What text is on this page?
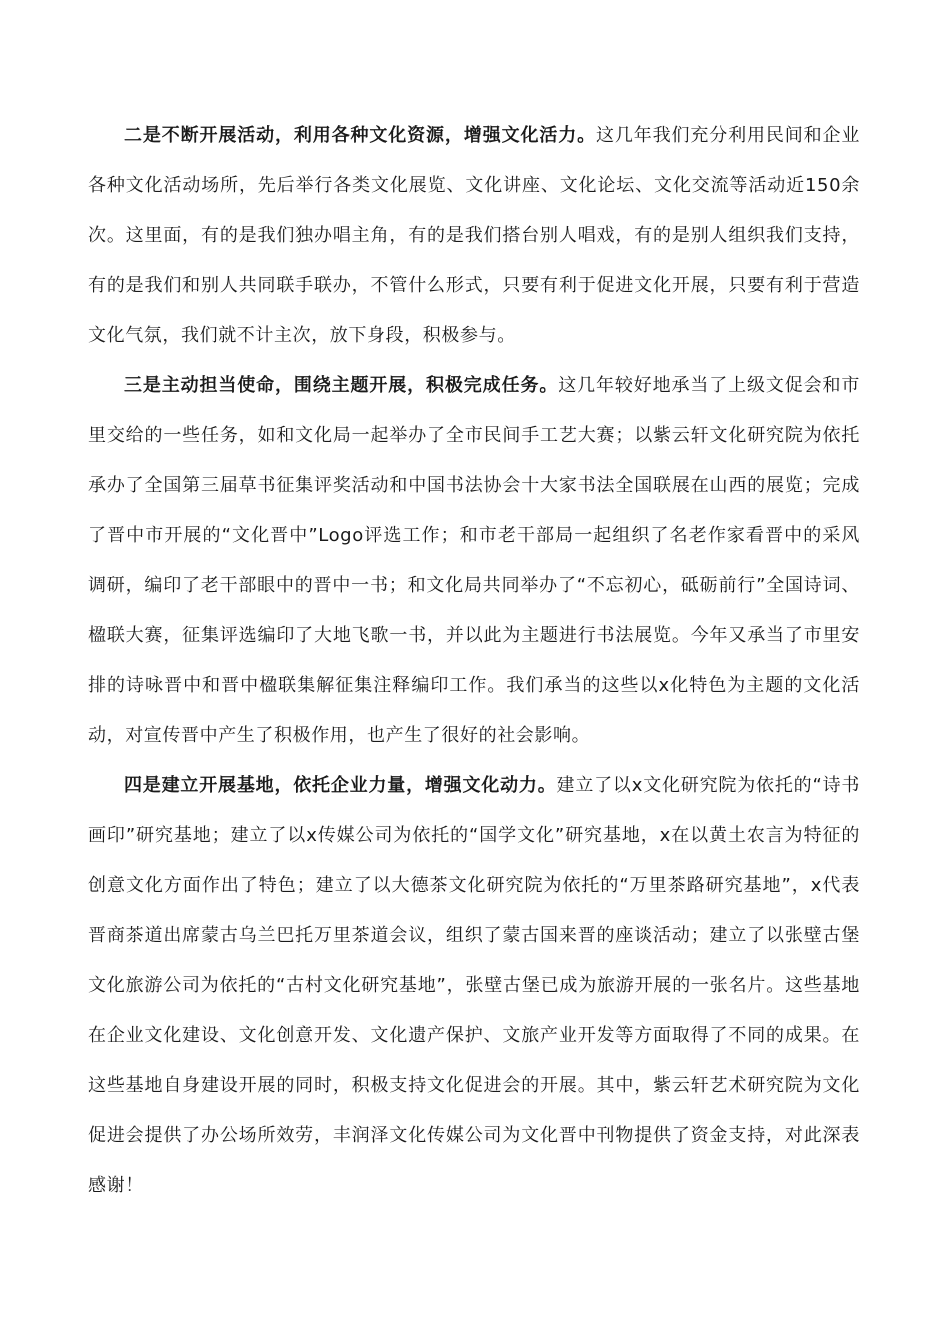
二是不断开展活动，利用各种文化资源，增强文化活力。这几年我们充分利用民间和企业各种文化活动场所，先后举行各类文化展览、文化讲座、文化论坛、文化交流等活动近150余次。这里面，有的是我们独办唱主角，有的是我们搭台别人唱戏，有的是别人组织我们支持，有的是我们和别人共同联手联办，不管什么形式，只要有利于促进文化开展，只要有利于营造文化气氛，我们就不计主次，放下身段，积极参与。

三是主动担当使命，围绕主题开展，积极完成任务。这几年较好地承当了上级文促会和市里交给的一些任务，如和文化局一起举办了全市民间手工艺大赛；以紫云轩文化研究院为依托承办了全国第三届草书征集评奖活动和中国书法协会十大家书法全国联展在山西的展览；完成了晋中市开展的“文化晋中”Logo评选工作；和市老干部局一起组织了名老作家看晋中的采风调研，编印了老干部眼中的晋中一书；和文化局共同举办了“不忘初心，砥砺前行”全国诗词、楹联大赛，征集评选编印了大地飞歌一书，并以此为主题进行书法展览。今年又承当了市里安排的诗咏晋中和晋中楹联集解征集注释编印工作。我们承当的这些以x化特色为主题的文化活动，对宣传晋中产生了积极作用，也产生了很好的社会影响。

四是建立开展基地，依托企业力量，增强文化动力。建立了以x文化研究院为依托的“诗书画印”研究基地；建立了以x传媒公司为依托的“国学文化”研究基地，x在以黄土农言为特征的创意文化方面作出了特色；建立了以大德茶文化研究院为依托的“万里茶路研究基地”，x代表晋商茶道出席蒙古乌兰巴托万里茶道会议，组织了蒙古国来晋的座谈活动；建立了以张壁古堡文化旅游公司为依托的“古村文化研究基地”，张壁古堡已成为旅游开展的一张名片。这些基地在企业文化建设、文化创意开发、文化遗产保护、文旅产业开发等方面取得了不同的成果。在这些基地自身建设开展的同时，积极支持文化促进会的开展。其中，紫云轩艺术研究院为文化促进会提供了办公场所效劳，丰润泽文化传媒公司为文化晋中刊物提供了资金支持，对此深表感谢！
